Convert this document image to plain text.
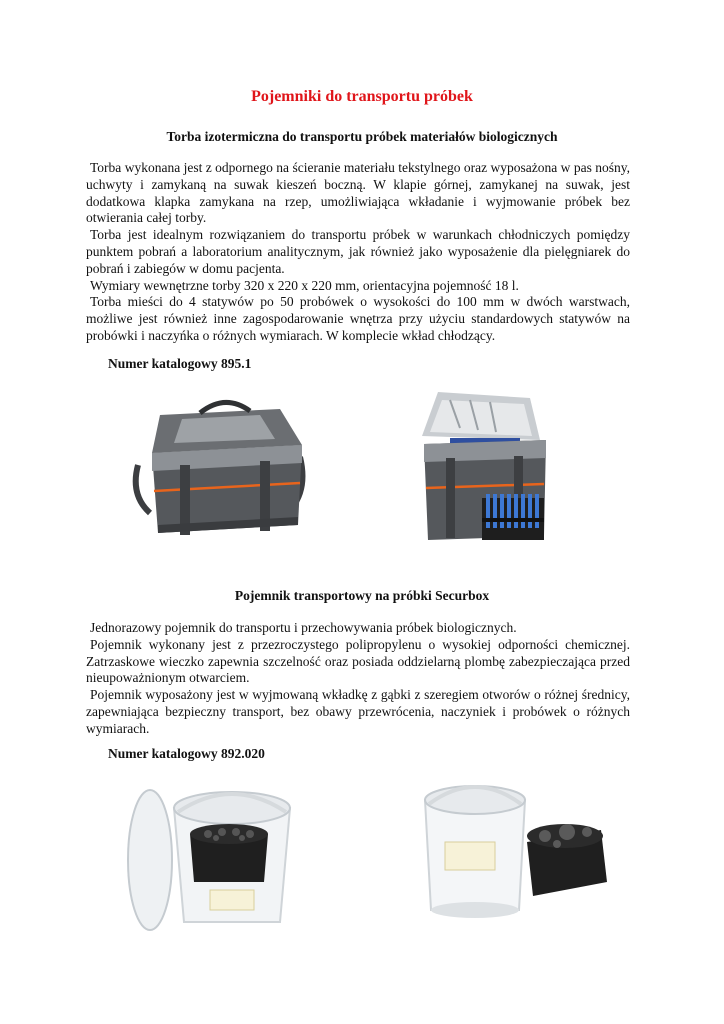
Pojemniki do transportu próbek
Torba izotermiczna do transportu próbek materiałów biologicznych

Torba wykonana jest z odpornego na ścieranie materiału tekstylnego oraz wyposażona w pas nośny, uchwyty i zamykaną na suwak kieszeń boczną. W klapie górnej, zamykanej na suwak, jest dodatkowa klapka zamykana na rzep, umożliwiająca wkładanie i wyjmowanie próbek bez otwierania całej torby.

Torba jest idealnym rozwiązaniem do transportu próbek w warunkach chłodniczych pomiędzy punktem pobrań a laboratorium analitycznym, jak również jako wyposażenie dla pielęgniarek do pobrań i zabiegów w domu pacjenta.

Wymiary wewnętrzne torby 320 x 220 x 220 mm, orientacyjna pojemność 18 l.

Torba mieści do 4 statywów po 50 probówek o wysokości do 100 mm w dwóch warstwach, możliwe jest również inne zagospodarowanie wnętrza przy użyciu standardowych statywów na probówki i naczyńka o różnych wymiarach. W komplecie wkład chłodzący.

Numer katalogowy 895.1
Pojemnik transportowy na próbki Securbox

Jednorazowy pojemnik do transportu i przechowywania próbek biologicznych.

Pojemnik wykonany jest z przezroczystego polipropylenu o wysokiej odporności chemicznej. Zatrzaskowe wieczko zapewnia szczelność oraz posiada oddzielarną plombę zabezpieczająca przed nieupoważnionym otwarciem.

Pojemnik wyposażony jest w wyjmowaną wkładkę z gąbki z szeregiem otworów o różnej średnicy, zapewniająca bezpieczny transport, bez obawy przewrócenia, naczyniek i probówek o różnych wymiarach.

Numer katalogowy 892.020
